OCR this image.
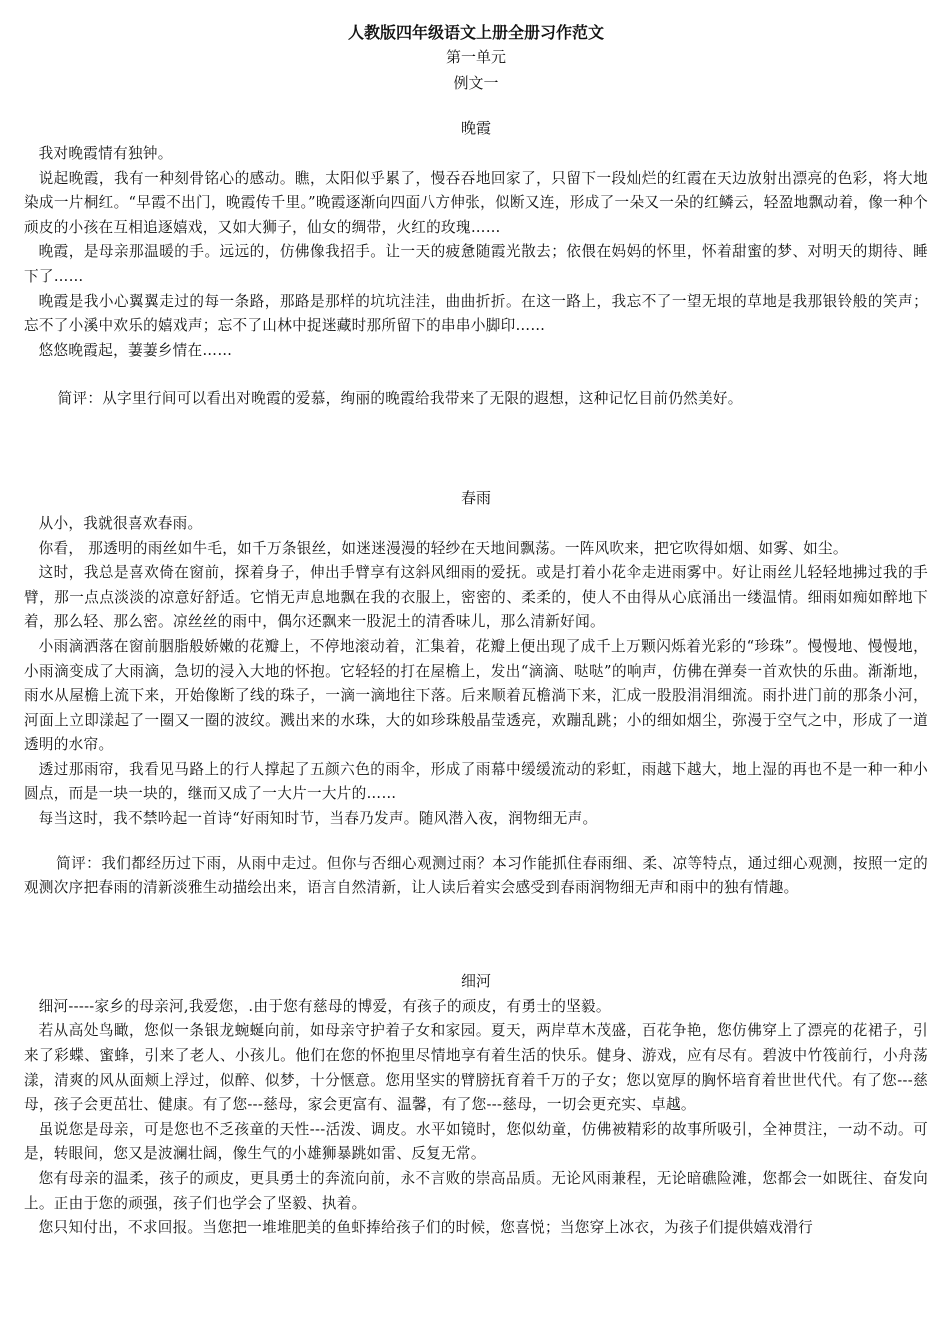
人教版四年级语文上册全册习作范文

第一单元

例文一

晚霞

我对晚霞情有独钟。

说起晚霞，我有一种刻骨铭心的感动。瞧，太阳似乎累了，慢吞吞地回家了，只留下一段灿烂的红霞在天边放射出漂亮的色彩，将大地染成一片桐红。“早霞不出门，晚霞传千里。”晚霞逐渐向四面八方伸张，似断又连，形成了一朵又一朵的红鳞云，轻盈地飘动着，像一种个顽皮的小孩在互相追逐嬉戏，又如大狮子，仙女的绸带，火红的玫瑰……

晚霞，是母亲那温暖的手。远远的，仿佛像我招手。让一天的疲惫随霞光散去；依偎在妈妈的怀里，怀着甜蜜的梦、对明天的期待、睡下了……

晚霞是我小心翼翼走过的每一条路，那路是那样的坑坑洼洼，曲曲折折。在这一路上，我忘不了一望无垠的草地是我那银铃般的笑声；忘不了小溪中欢乐的嬉戏声；忘不了山林中捉迷藏时那所留下的串串小脚印……

悠悠晚霞起，萋萋乡情在……

简评：从字里行间可以看出对晚霞的爱慕，绚丽的晚霞给我带来了无限的遐想，这种记忆目前仍然美好。

春雨

从小，我就很喜欢春雨。

你看， 那透明的雨丝如牛毛，如千万条银丝，如迷迷漫漫的轻纱在天地间飘荡。一阵风吹来，把它吹得如烟、如雾、如尘。

这时，我总是喜欢倚在窗前，探着身子，伸出手臂享有这斜风细雨的爱抚。或是打着小花伞走进雨雾中。好让雨丝儿轻轻地拂过我的手臂，那一点点淡淡的凉意好舒适。它悄无声息地飘在我的衣服上，密密的、柔柔的，使人不由得从心底涌出一缕温情。细雨如痴如醉地下着，那么轻、那么密。凉丝丝的雨中，偶尔还飘来一股泥土的清香味儿，那么清新好闻。

小雨滴洒落在窗前胭脂般娇嫩的花瓣上，不停地滚动着，汇集着，花瓣上便出现了成千上万颗闪烁着光彩的“珍珠”。慢慢地、慢慢地，小雨滴变成了大雨滴，急切的浸入大地的怀抱。它轻轻的打在屋檐上，发出“滴滴、哒哒”的响声，仿佛在弹奏一首欢快的乐曲。渐渐地，雨水从屋檐上流下来，开始像断了线的珠子，一滴一滴地往下落。后来顺着瓦檐淌下来，汇成一股股涓涓细流。雨扑进门前的那条小河，河面上立即漾起了一圈又一圈的波纹。溅出来的水珠，大的如珍珠般晶莹透亮，欢蹦乱跳；小的细如烟尘，弥漫于空气之中，形成了一道透明的水帘。

透过那雨帘，我看见马路上的行人撑起了五颜六色的雨伞，形成了雨幕中缓缓流动的彩虹，雨越下越大，地上湿的再也不是一种一种小圆点，而是一块一块的，继而又成了一大片一大片的……

每当这时，我不禁吟起一首诗“好雨知时节，当春乃发声。随风潜入夜，润物细无声。

简评：我们都经历过下雨，从雨中走过。但你与否细心观测过雨？本习作能抓住春雨细、柔、凉等特点，通过细心观测，按照一定的观测次序把春雨的清新淡雅生动描绘出来，语言自然清新，让人读后着实会感受到春雨润物细无声和雨中的独有情趣。

细河

细河-----家乡的母亲河,我爱您，.由于您有慈母的博爱，有孩子的顽皮，有勇士的坚毅。

若从高处鸟瞰，您似一条银龙蜿蜒向前，如母亲守护着子女和家园。夏天，两岸草木茂盛，百花争艳，您仿佛穿上了漂亮的花裙子，引来了彩蝶、蜜蜂，引来了老人、小孩儿。他们在您的怀抱里尽情地享有着生活的快乐。健身、游戏，应有尽有。碧波中竹筏前行，小舟荡漾，清爽的风从面颊上浮过，似醉、似梦，十分惬意。您用坚实的臂膀抚育着千万的子女；您以宽厚的胸怀培育着世世代代。有了您---慈母，孩子会更茁壮、健康。有了您---慈母，家会更富有、温馨，有了您---慈母，一切会更充实、卓越。

虽说您是母亲，可是您也不乏孩童的天性---活泼、调皮。水平如镜时，您似幼童，仿佛被精彩的故事所吸引，全神贯注，一动不动。可是，转眼间，您又是波澜壮阔，像生气的小雄狮暴跳如雷、反复无常。

您有母亲的温柔，孩子的顽皮，更具勇士的奔流向前，永不言败的崇高品质。无论风雨兼程，无论暗礁险滩，您都会一如既往、奋发向上。正由于您的顽强，孩子们也学会了坚毅、执着。

您只知付出，不求回报。当您把一堆堆肥美的鱼虾捧给孩子们的时候，您喜悦；当您穿上冰衣，为孩子们提供嬉戏滑行
